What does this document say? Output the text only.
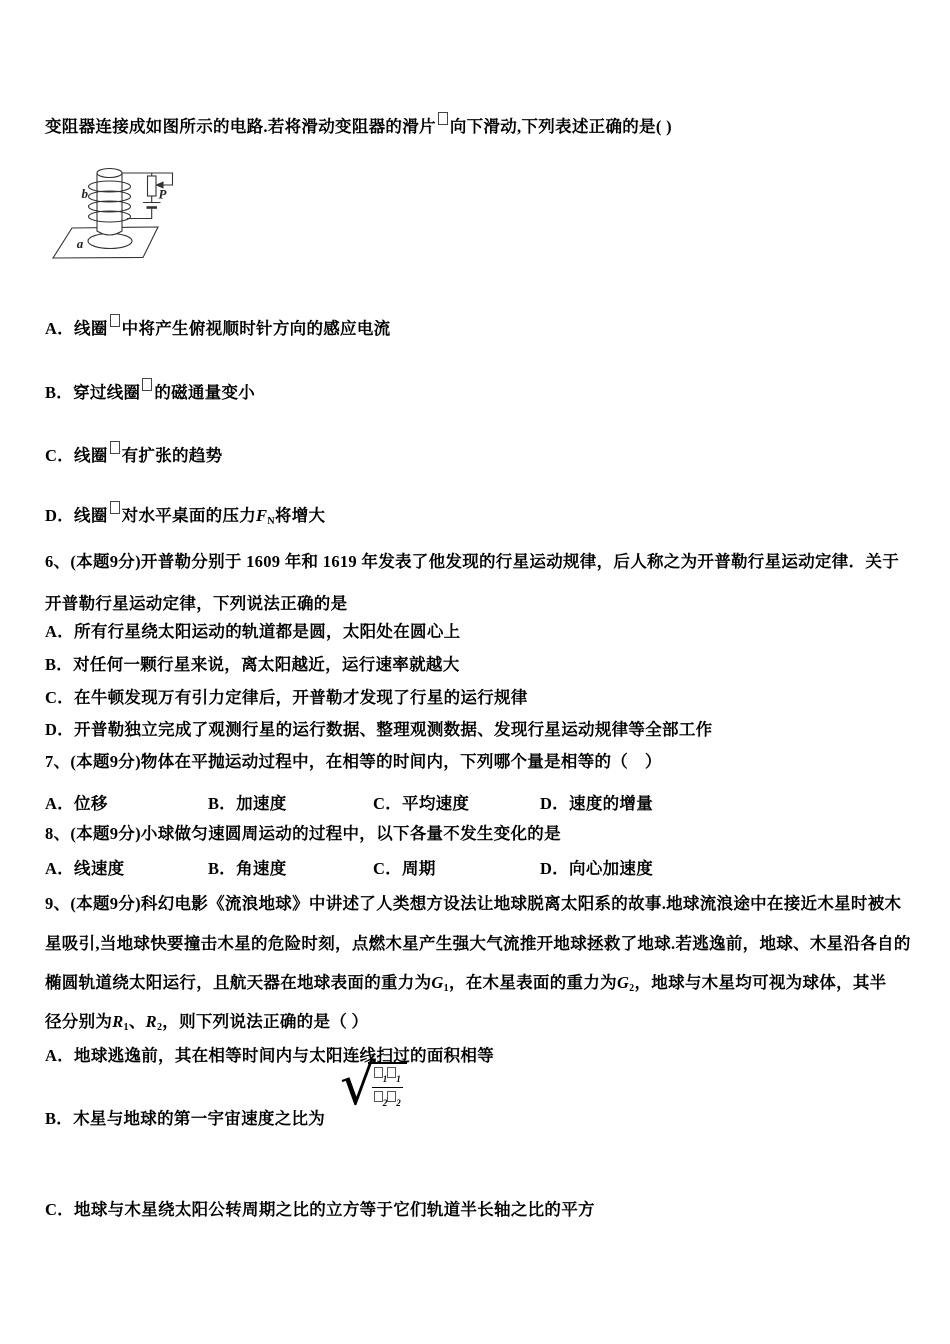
变阻器连接成如图所示的电路.若将滑动变阻器的滑片 向下滑动,下列表述正确的是( )
b	P
a
A．线圈 中将产生俯视顺时针方向的感应电流
B．穿过线圈 的磁通量变小
C．线圈 有扩张的趋势
D．线圈 对水平桌面的压力$F_N$将增大
6、(本题9分)开普勒分别于 1609 年和 1619 年发表了他发现的行星运动规律，后人称之为开普勒行星运动定律．关于
开普勒行星运动定律，下列说法正确的是
A．所有行星绕太阳运动的轨道都是圆，太阳处在圆心上
B．对任何一颗行星来说，离太阳越近，运行速率就越大
C．在牛顿发现万有引力定律后，开普勒才发现了行星的运行规律
D．开普勒独立完成了观测行星的运行数据、整理观测数据、发现行星运动规律等全部工作
7、(本题9分)物体在平抛运动过程中，在相等的时间内，下列哪个量是相等的（　）
A．位移	B．加速度	C．平均速度	D．速度的增量
8、(本题9分)小球做匀速圆周运动的过程中，以下各量不发生变化的是
A．线速度	B．角速度	C．周期	D．向心加速度
9、(本题9分)科幻电影《流浪地球》中讲述了人类想方设法让地球脱离太阳系的故事.地球流浪途中在接近木星时被木
星吸引,当地球快要撞击木星的危险时刻，点燃木星产生强大气流推开地球拯救了地球.若逃逸前，地球、木星沿各自的
椭圆轨道绕太阳运行，且航天器在地球表面的重力为$G_1$，在木星表面的重力为$G_2$，地球与木星均可视为球体，其半
径分别为$R_1$、$R_2$，则下列说法正确的是（ ）
A．地球逃逸前，其在相等时间内与太阳连线扫过的面积相等
√
$\frac{_1 _1}{_2 _2}$
B．木星与地球的第一宇宙速度之比为
C．地球与木星绕太阳公转周期之比的立方等于它们轨道半长轴之比的平方
